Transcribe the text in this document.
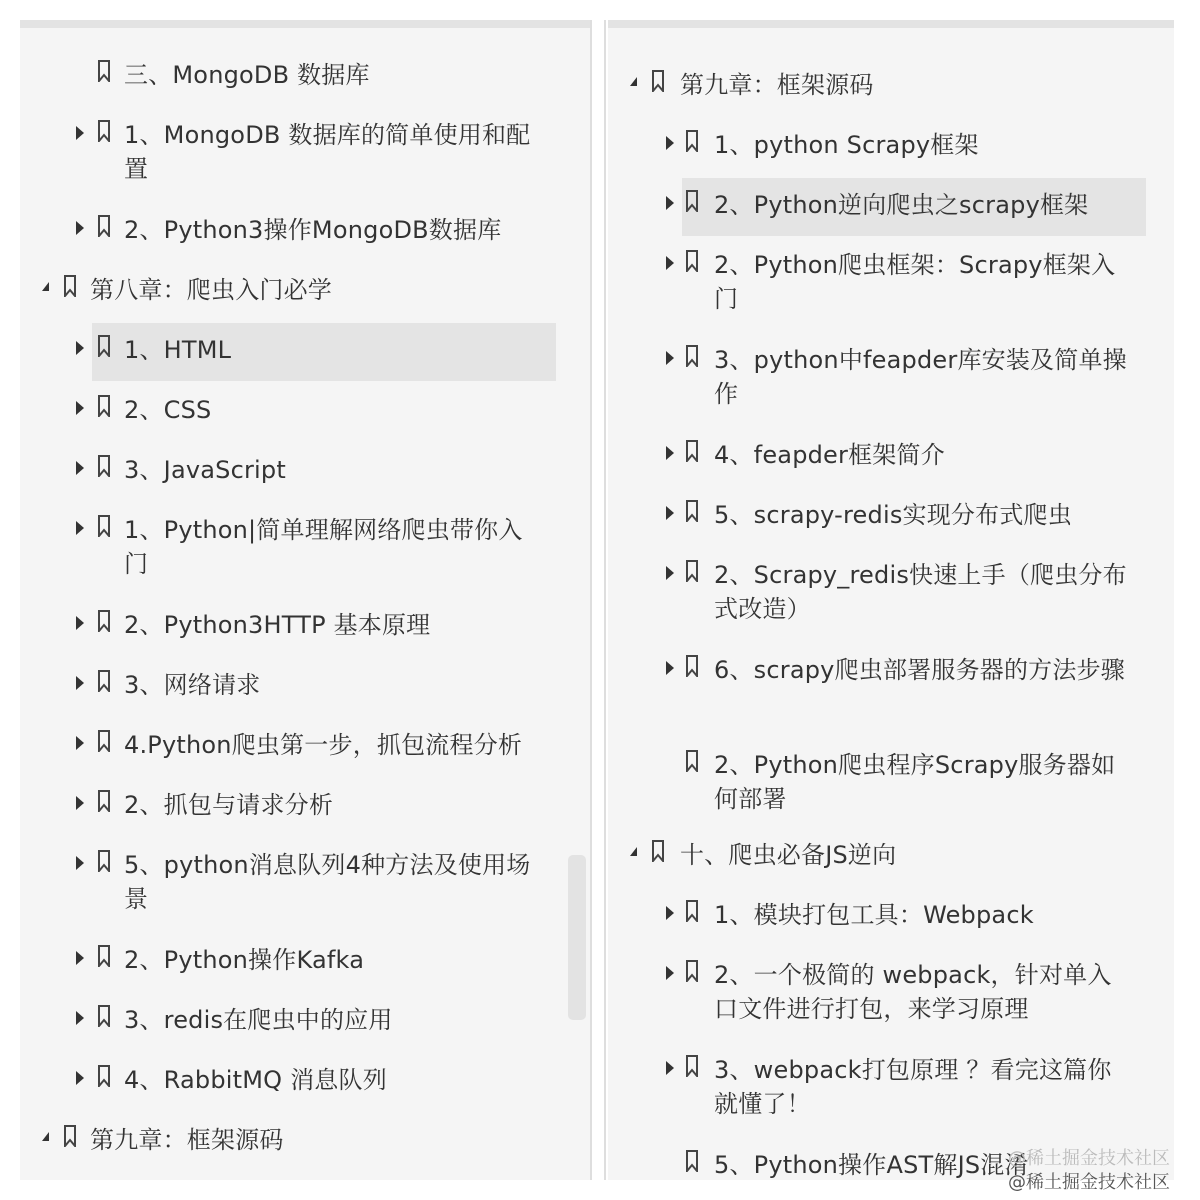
三、MongoDB 数据库
1、MongoDB 数据库的简单使用和配置
2、Python3操作MongoDB数据库
第八章：爬虫入门必学
1、HTML
2、CSS
3、JavaScript
1、Python|简单理解网络爬虫带你入门
2、Python3HTTP 基本原理
3、网络请求
4.Python爬虫第一步，抓包流程分析
2、抓包与请求分析
5、python消息队列4种方法及使用场景
2、Python操作Kafka
3、redis在爬虫中的应用
4、RabbitMQ 消息队列
第九章：框架源码
第九章：框架源码
1、python Scrapy框架
2、Python逆向爬虫之scrapy框架
2、Python爬虫框架：Scrapy框架入门
3、python中feapder库安装及简单操作
4、feapder框架简介
5、scrapy-redis实现分布式爬虫
2、Scrapy_redis快速上手（爬虫分布式改造）
6、scrapy爬虫部署服务器的方法步骤
2、Python爬虫程序Scrapy服务器如何部署
十、爬虫必备JS逆向
1、模块打包工具：Webpack
2、一个极简的 webpack，针对单入口文件进行打包，来学习原理
3、webpack打包原理 ？看完这篇你就懂了！
5、Python操作AST解JS混淆
@稀土掘金技术社区
@稀土掘金技术社区
